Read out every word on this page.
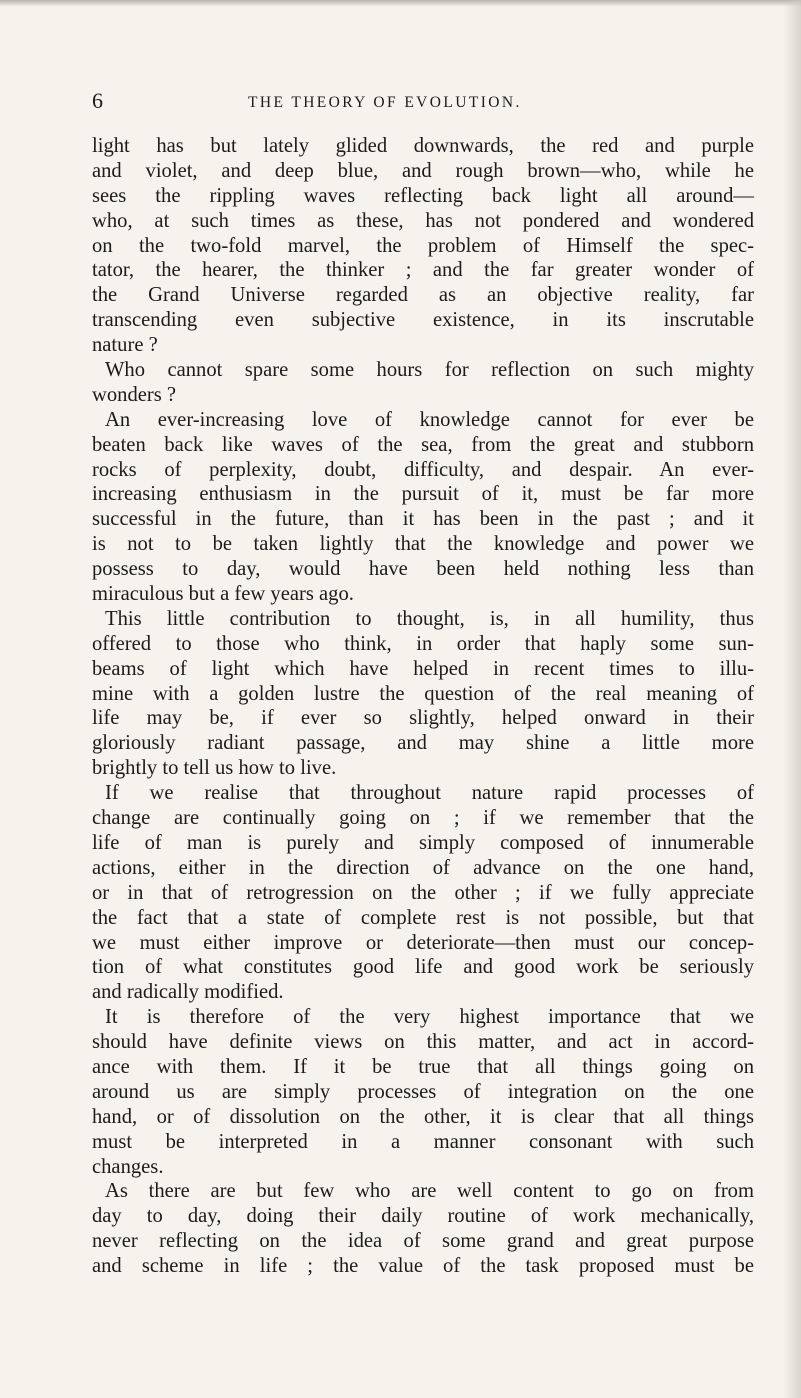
6	THE THEORY OF EVOLUTION.
light has but lately glided downwards, the red and purple
and violet, and deep blue, and rough brown—who, while he
sees the rippling waves reflecting back light all around—
who, at such times as these, has not pondered and wondered
on the two-fold marvel, the problem of Himself the spec-
tator, the hearer, the thinker ; and the far greater wonder of
the Grand Universe regarded as an objective reality, far
transcending even subjective existence, in its inscrutable
nature ?
Who cannot spare some hours for reflection on such mighty
wonders ?
An ever-increasing love of knowledge cannot for ever be
beaten back like waves of the sea, from the great and stubborn
rocks of perplexity, doubt, difficulty, and despair. An ever-
increasing enthusiasm in the pursuit of it, must be far more
successful in the future, than it has been in the past ; and it
is not to be taken lightly that the knowledge and power we
possess to day, would have been held nothing less than
miraculous but a few years ago.
This little contribution to thought, is, in all humility, thus
offered to those who think, in order that haply some sun-
beams of light which have helped in recent times to illu-
mine with a golden lustre the question of the real meaning of
life may be, if ever so slightly, helped onward in their
gloriously radiant passage, and may shine a little more
brightly to tell us how to live.
If we realise that throughout nature rapid processes of
change are continually going on ; if we remember that the
life of man is purely and simply composed of innumerable
actions, either in the direction of advance on the one hand,
or in that of retrogression on the other ; if we fully appreciate
the fact that a state of complete rest is not possible, but that
we must either improve or deteriorate—then must our concep-
tion of what constitutes good life and good work be seriously
and radically modified.
It is therefore of the very highest importance that we
should have definite views on this matter, and act in accord-
ance with them. If it be true that all things going on
around us are simply processes of integration on the one
hand, or of dissolution on the other, it is clear that all things
must be interpreted in a manner consonant with such
changes.
As there are but few who are well content to go on from
day to day, doing their daily routine of work mechanically,
never reflecting on the idea of some grand and great purpose
and scheme in life ; the value of the task proposed must be
